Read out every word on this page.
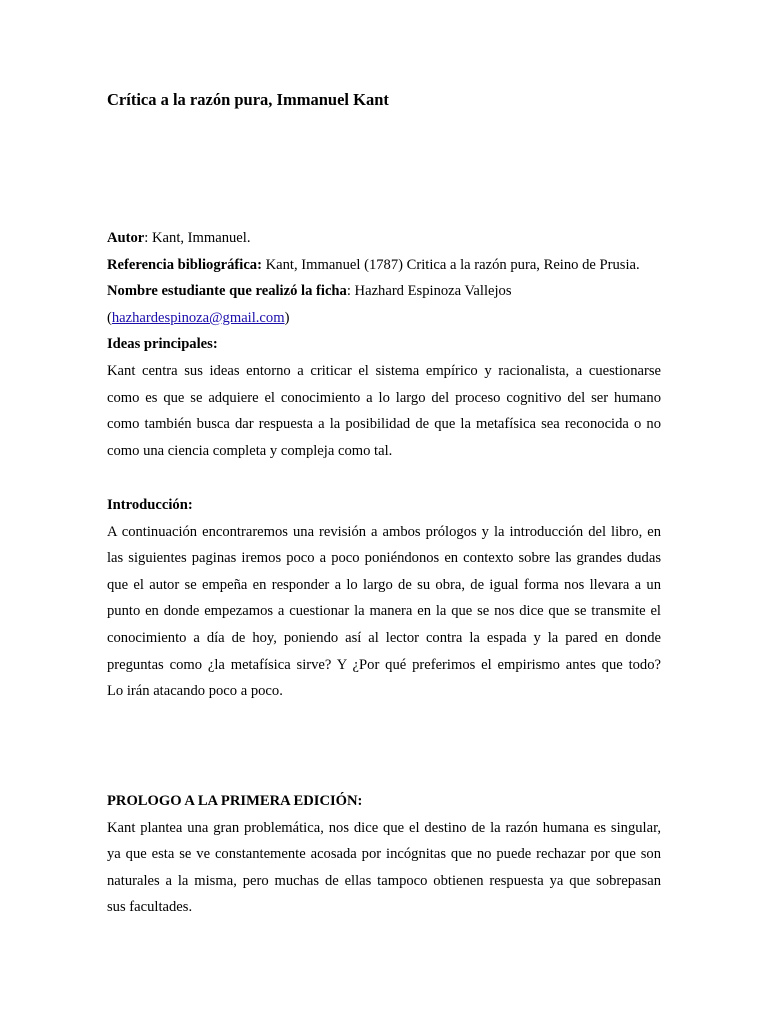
Crítica a la razón pura, Immanuel Kant
Autor: Kant, Immanuel.
Referencia bibliográfica: Kant, Immanuel (1787) Critica a la razón pura, Reino de Prusia.
Nombre estudiante que realizó la ficha: Hazhard Espinoza Vallejos
(hazhardespinoza@gmail.com)
Ideas principales:
Kant centra sus ideas entorno a criticar el sistema empírico y racionalista, a cuestionarse
como es que se adquiere el conocimiento a lo largo del proceso cognitivo del ser humano
como también busca dar respuesta a la posibilidad de que la metafísica sea reconocida o no
como una ciencia completa y compleja como tal.
Introducción:
A continuación encontraremos una revisión a ambos prólogos y la introducción del libro, en
las siguientes paginas iremos poco a poco poniéndonos en contexto sobre las grandes dudas
que el autor se empeña en responder a lo largo de su obra, de igual forma nos llevara a un
punto en donde empezamos a cuestionar la manera en la que se nos dice que se transmite el
conocimiento a día de hoy, poniendo así al lector contra la espada y la pared en donde
preguntas como ¿la metafísica sirve? Y ¿Por qué preferimos el empirismo antes que todo?
Lo irán atacando poco a poco.
PROLOGO A LA PRIMERA EDICIÓN:
Kant plantea una gran problemática, nos dice que el destino de la razón humana es singular,
ya que esta se ve constantemente acosada por incógnitas que no puede rechazar por que son
naturales a la misma, pero muchas de ellas tampoco obtienen respuesta ya que sobrepasan
sus facultades.
